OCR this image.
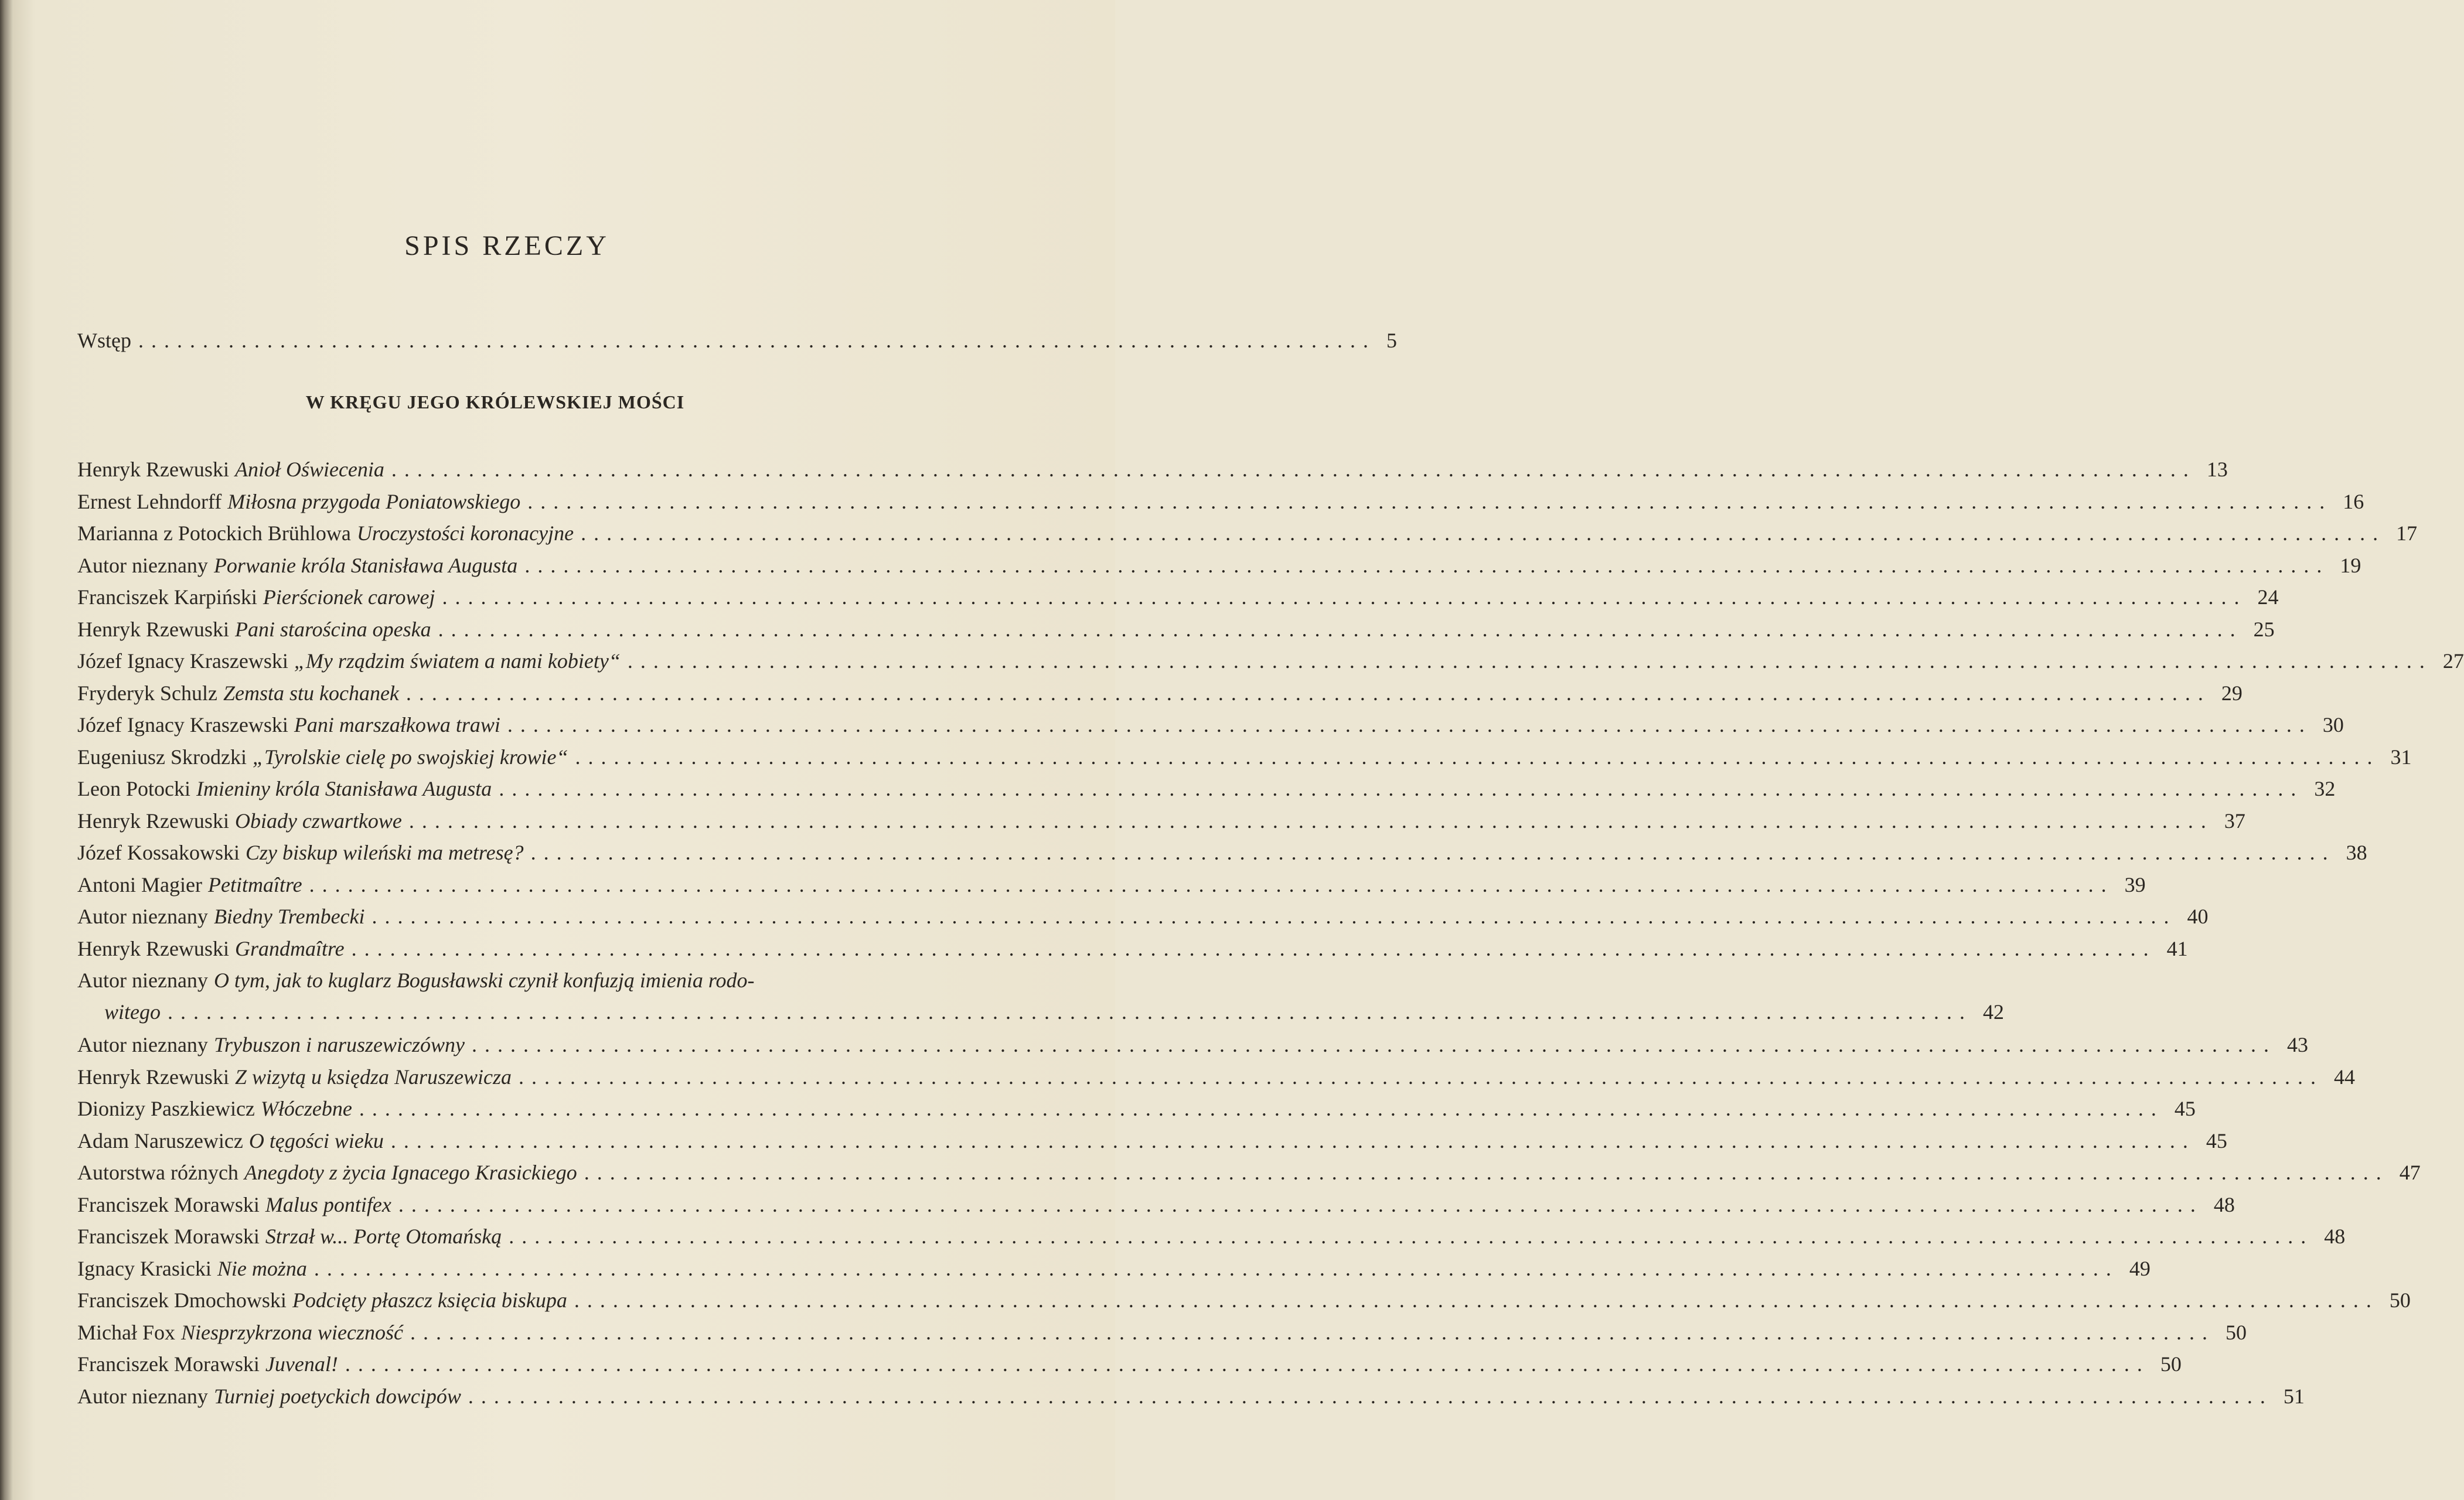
SPIS RZECZY
Wstęp ................................................................................................ 5
W KRĘGU JEGO KRÓLEWSKIEJ MOŚCI
Henryk Rzewuski Anioł Oświecenia ............................................................................................................................................ 13
Ernest Lehndorff Miłosna przygoda Poniatowskiego ............................................................................................................................................ 16
Marianna z Potockich Brühlowa Uroczystości koronacyjne ............................................................................................................................................ 17
Autor nieznany Porwanie króla Stanisława Augusta ............................................................................................................................................ 19
Franciszek Karpiński Pierścionek carowej ............................................................................................................................................ 24
Henryk Rzewuski Pani starościna opeska ............................................................................................................................................ 25
Józef Ignacy Kraszewski „My rządzim światem a nami kobiety“ ............................................................................................................................................ 27
Fryderyk Schulz Zemsta stu kochanek ............................................................................................................................................ 29
Józef Ignacy Kraszewski Pani marszałkowa trawi ............................................................................................................................................ 30
Eugeniusz Skrodzki „Tyrolskie cielę po swojskiej krowie“ ............................................................................................................................................ 31
Leon Potocki Imieniny króla Stanisława Augusta ............................................................................................................................................ 32
Henryk Rzewuski Obiady czwartkowe ............................................................................................................................................ 37
Józef Kossakowski Czy biskup wileński ma metresę? ............................................................................................................................................ 38
Antoni Magier Petitmaître ............................................................................................................................................ 39
Autor nieznany Biedny Trembecki ............................................................................................................................................ 40
Henryk Rzewuski Grandmaître ............................................................................................................................................ 41
Autor nieznany O tym, jak to kuglarz Bogusławski czynił konfuzją imienia rodo-
witego ............................................................................................................................................ 42
Autor nieznany Trybuszon i naruszewiczówny ............................................................................................................................................ 43
Henryk Rzewuski Z wizytą u księdza Naruszewicza ............................................................................................................................................ 44
Dionizy Paszkiewicz Włóczebne ............................................................................................................................................ 45
Adam Naruszewicz O tęgości wieku ............................................................................................................................................ 45
Autorstwa różnych Anegdoty z życia Ignacego Krasickiego ............................................................................................................................................ 47
Franciszek Morawski Malus pontifex ............................................................................................................................................ 48
Franciszek Morawski Strzał w... Portę Otomańską ............................................................................................................................................ 48
Ignacy Krasicki Nie można ............................................................................................................................................ 49
Franciszek Dmochowski Podcięty płaszcz księcia biskupa ............................................................................................................................................ 50
Michał Fox Niesprzykrzona wieczność ............................................................................................................................................ 50
Franciszek Morawski Juvenal! ............................................................................................................................................ 50
Autor nieznany Turniej poetyckich dowcipów ............................................................................................................................................ 51
